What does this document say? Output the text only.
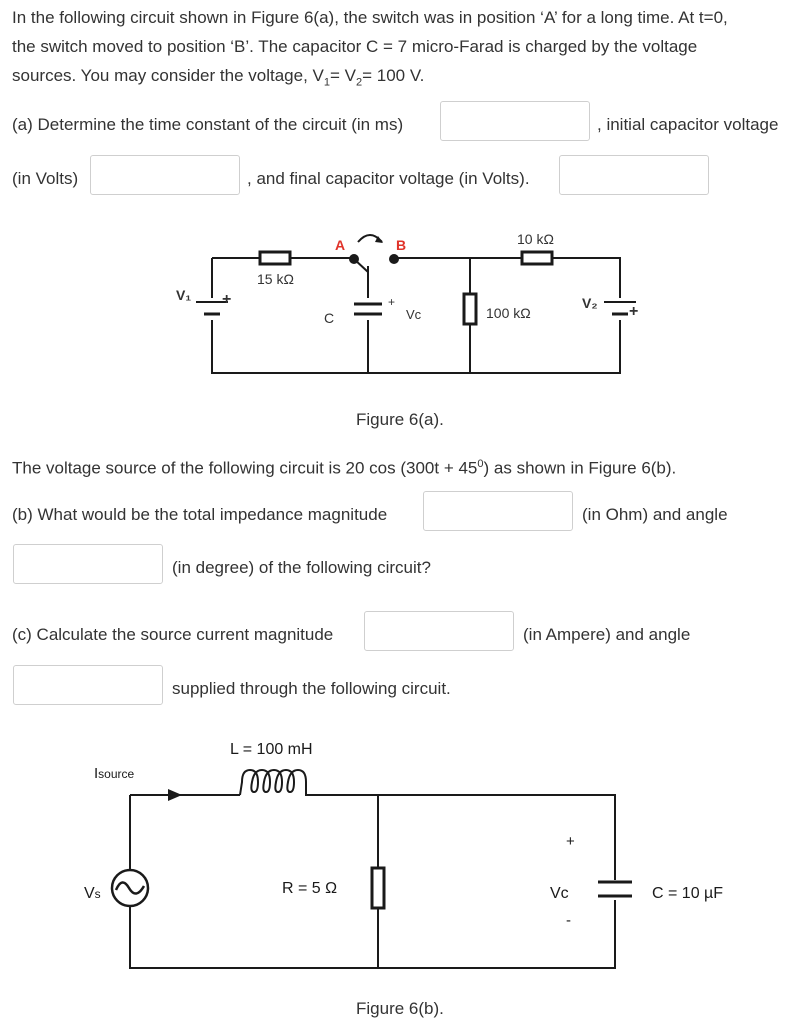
In the following circuit shown in Figure 6(a), the switch was in position ‘A’ for a long time. At t=0,
the switch moved to position ‘B’. The capacitor C = 7 micro-Farad is charged by the voltage
sources. You may consider the voltage, $V_1= V_2= 100$ V.
(a) Determine the time constant of the circuit (in ms)	, initial capacitor voltage
(in Volts)	, and final capacitor voltage (in Volts).
15 kΩ
10 kΩ
100 kΩ
A	B
C
+
Vc
V₁ +	V₂ +
Figure 6(a).
The voltage source of the following circuit is 20 $\cos (300t + 45^0)$ as shown in Figure 6(b).
(b) What would be the total impedance magnitude	(in Ohm) and angle
(in degree) of the following circuit?
(c) Calculate the source current magnitude	(in Ampere) and angle
supplied through the following circuit.
Isource
L = 100 mH
Vs	R = 5 Ω
+
Vc
-
C = 10 µF
Figure 6(b).
